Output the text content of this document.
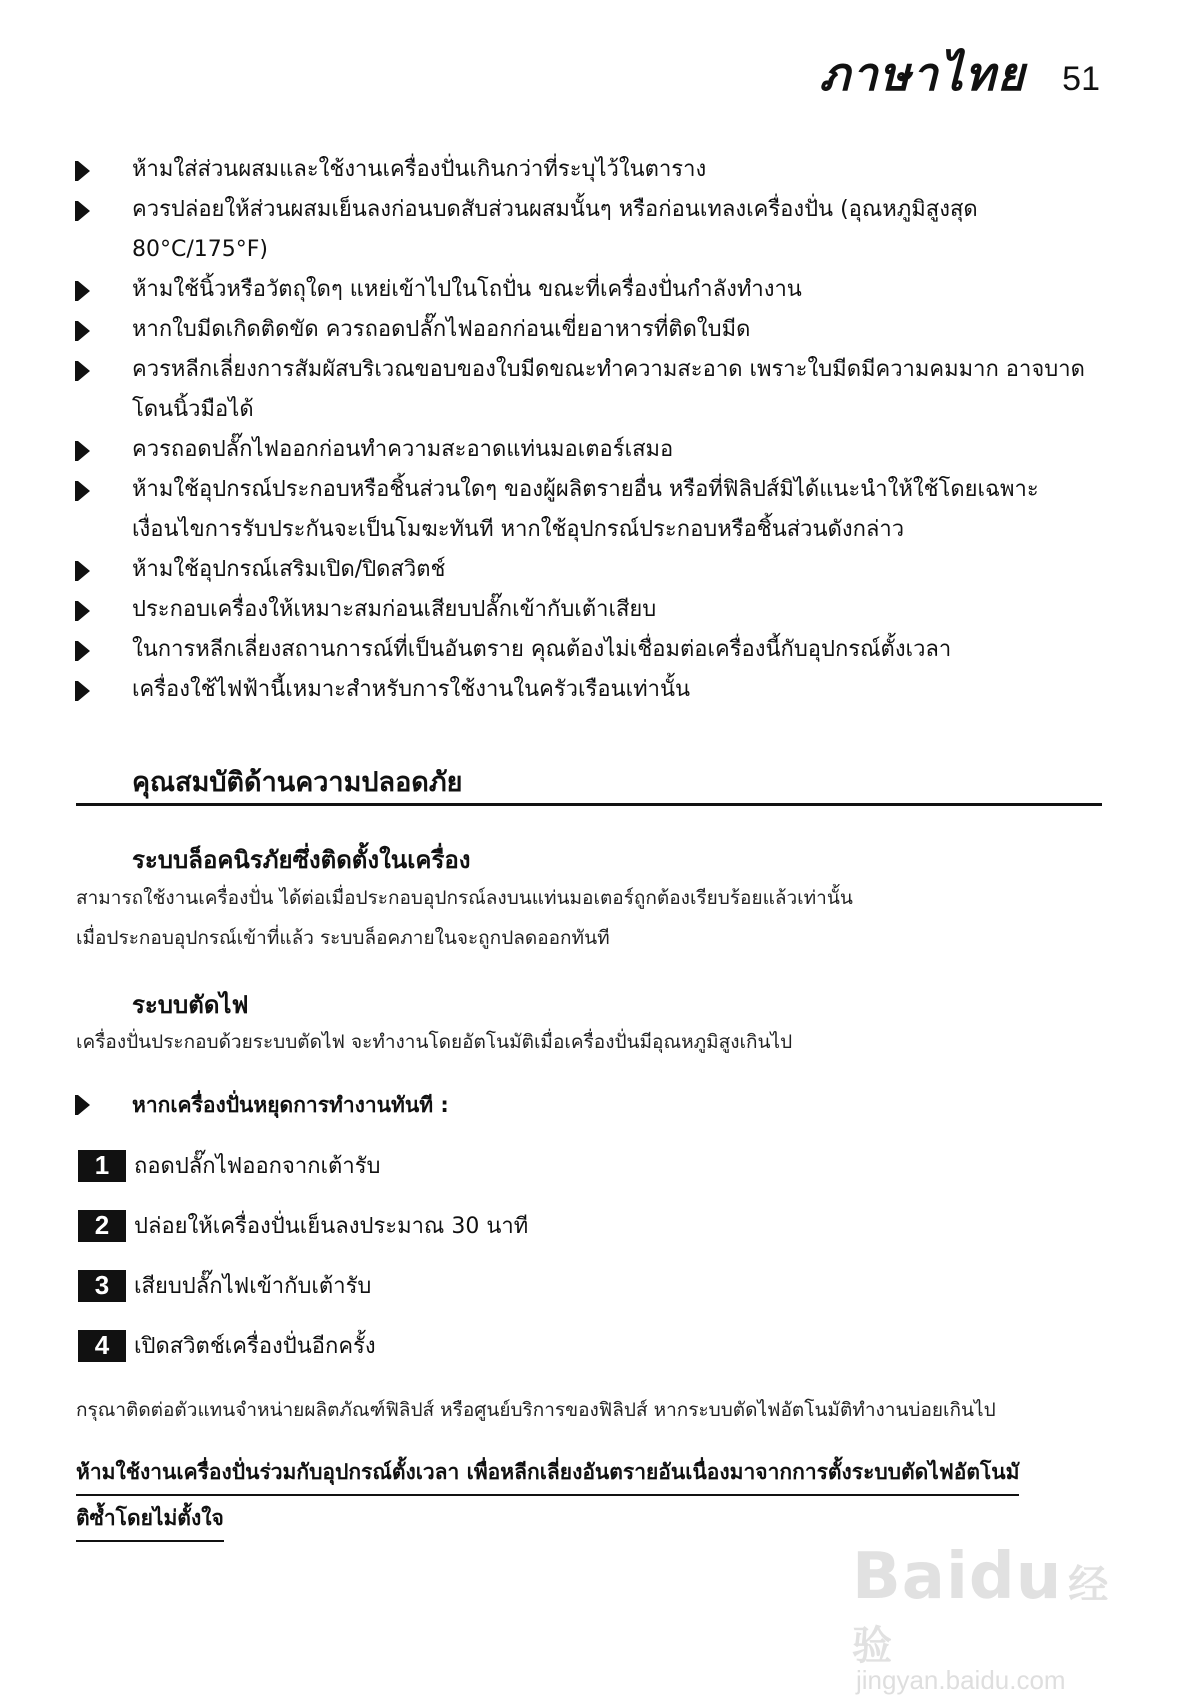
ภาษาไทย 51
ห้ามใส่ส่วนผสมและใช้งานเครื่องปั่นเกินกว่าที่ระบุไว้ในตาราง
ควรปล่อยให้ส่วนผสมเย็นลงก่อนบดสับส่วนผสมนั้นๆ หรือก่อนเทลงเครื่องปั่น (อุณหภูมิสูงสุด 80°C/175°F)
ห้ามใช้นิ้วหรือวัตถุใดๆ แหย่เข้าไปในโถปั่น ขณะที่เครื่องปั่นกำลังทำงาน
หากใบมีดเกิดติดขัด ควรถอดปลั๊กไฟออกก่อนเขี่ยอาหารที่ติดใบมีด
ควรหลีกเลี่ยงการสัมผัสบริเวณขอบของใบมีดขณะทำความสะอาด เพราะใบมีดมีความคมมาก อาจบาดโดนนิ้วมือได้
ควรถอดปลั๊กไฟออกก่อนทำความสะอาดแท่นมอเตอร์เสมอ
ห้ามใช้อุปกรณ์ประกอบหรือชิ้นส่วนใดๆ ของผู้ผลิตรายอื่น หรือที่ฟิลิปส์มิได้แนะนำให้ใช้โดยเฉพาะ เงื่อนไขการรับประกันจะเป็นโมฆะทันที หากใช้อุปกรณ์ประกอบหรือชิ้นส่วนดังกล่าว
ห้ามใช้อุปกรณ์เสริมเปิด/ปิดสวิตช์
ประกอบเครื่องให้เหมาะสมก่อนเสียบปลั๊กเข้ากับเต้าเสียบ
ในการหลีกเลี่ยงสถานการณ์ที่เป็นอันตราย คุณต้องไม่เชื่อมต่อเครื่องนี้กับอุปกรณ์ตั้งเวลา
เครื่องใช้ไฟฟ้านี้เหมาะสำหรับการใช้งานในครัวเรือนเท่านั้น
คุณสมบัติด้านความปลอดภัย
ระบบล็อคนิรภัยซึ่งติดตั้งในเครื่อง

สามารถใช้งานเครื่องปั่น ได้ต่อเมื่อประกอบอุปกรณ์ลงบนแท่นมอเตอร์ถูกต้องเรียบร้อยแล้วเท่านั้น

เมื่อประกอบอุปกรณ์เข้าที่แล้ว ระบบล็อคภายในจะถูกปลดออกทันที

ระบบตัดไฟ

เครื่องปั่นประกอบด้วยระบบตัดไฟ จะทำงานโดยอัตโนมัติเมื่อเครื่องปั่นมีอุณหภูมิสูงเกินไป

หากเครื่องปั่นหยุดการทำงานทันที :
1	ถอดปลั๊กไฟออกจากเต้ารับ
2	ปล่อยให้เครื่องปั่นเย็นลงประมาณ 30 นาที
3	เสียบปลั๊กไฟเข้ากับเต้ารับ
4	เปิดสวิตช์เครื่องปั่นอีกครั้ง

กรุณาติดต่อตัวแทนจำหน่ายผลิตภัณฑ์ฟิลิปส์ หรือศูนย์บริการของฟิลิปส์ หากระบบตัดไฟอัตโนมัติทำงานบ่อยเกินไป

ห้ามใช้งานเครื่องปั่นร่วมกับอุปกรณ์ตั้งเวลา เพื่อหลีกเลี่ยงอันตรายอันเนื่องมาจากการตั้งระบบตัดไฟอัตโนมั
ติซ้ำโดยไม่ตั้งใจ

Baidu 经验
jingyan.baidu.com
